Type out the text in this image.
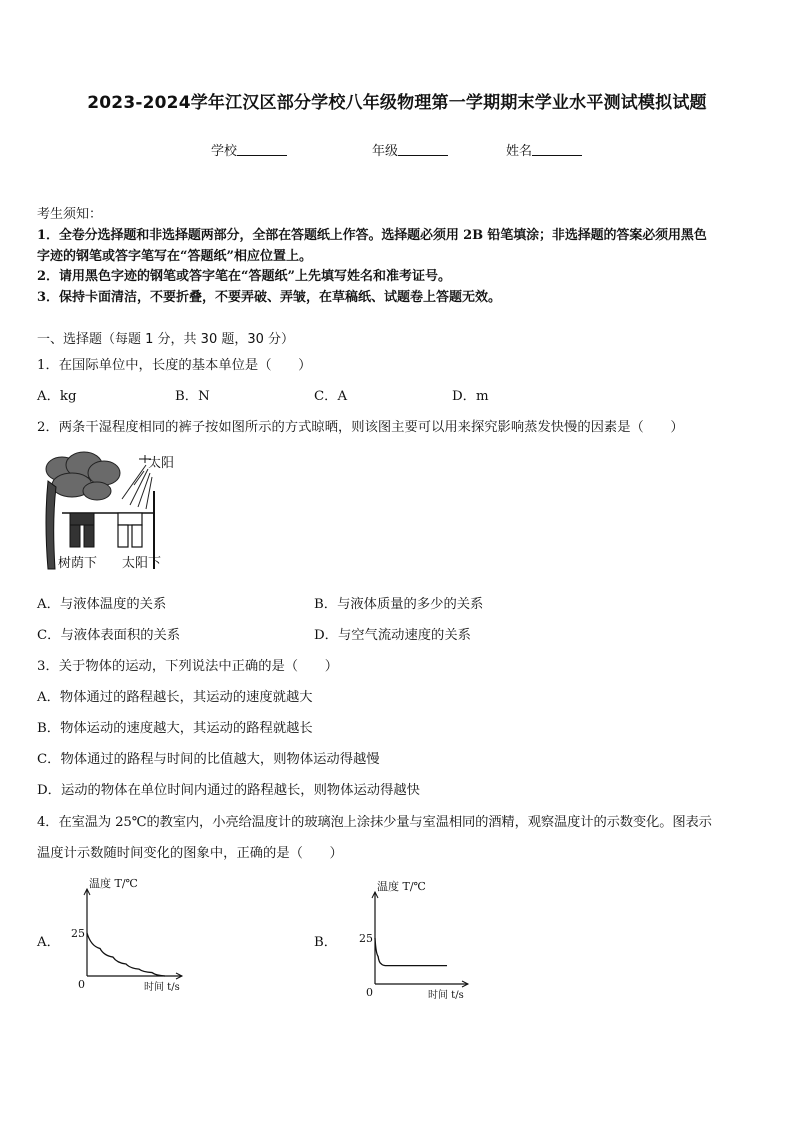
2023-2024学年江汉区部分学校八年级物理第一学期期末学业水平测试模拟试题
学校	年级	姓名
考生须知：
1．全卷分选择题和非选择题两部分，全部在答题纸上作答。选择题必须用 2B 铅笔填涂；非选择题的答案必须用黑色
字迹的钢笔或答字笔写在“答题纸”相应位置上。
2．请用黑色字迹的钢笔或答字笔在“答题纸”上先填写姓名和准考证号。
3．保持卡面清洁，不要折叠，不要弄破、弄皱，在草稿纸、试题卷上答题无效。
一、选择题（每题 1 分，共 30 题，30 分）
1．在国际单位中，长度的基本单位是（　　）
A．kg	B．N	C．A	D．m
2．两条干湿程度相同的裤子按如图所示的方式晾晒，则该图主要可以用来探究影响蒸发快慢的因素是（　　）
太阳
树荫下 太阳下
A．与液体温度的关系	B．与液体质量的多少的关系
C．与液体表面积的关系	D．与空气流动速度的关系
3．关于物体的运动，下列说法中正确的是（　　）
A．物体通过的路程越长，其运动的速度就越大
B．物体运动的速度越大，其运动的路程就越长
C．物体通过的路程与时间的比值越大，则物体运动得越慢
D．运动的物体在单位时间内通过的路程越长，则物体运动得越快
4．在室温为 25℃的教室内，小亮给温度计的玻璃泡上涂抹少量与室温相同的酒精，观察温度计的示数变化。图表示
温度计示数随时间变化的图象中，正确的是（　　）
A．	B．
温度 T/℃
25
0	时间 t/s
温度 T/℃
25
0	时间 t/s
